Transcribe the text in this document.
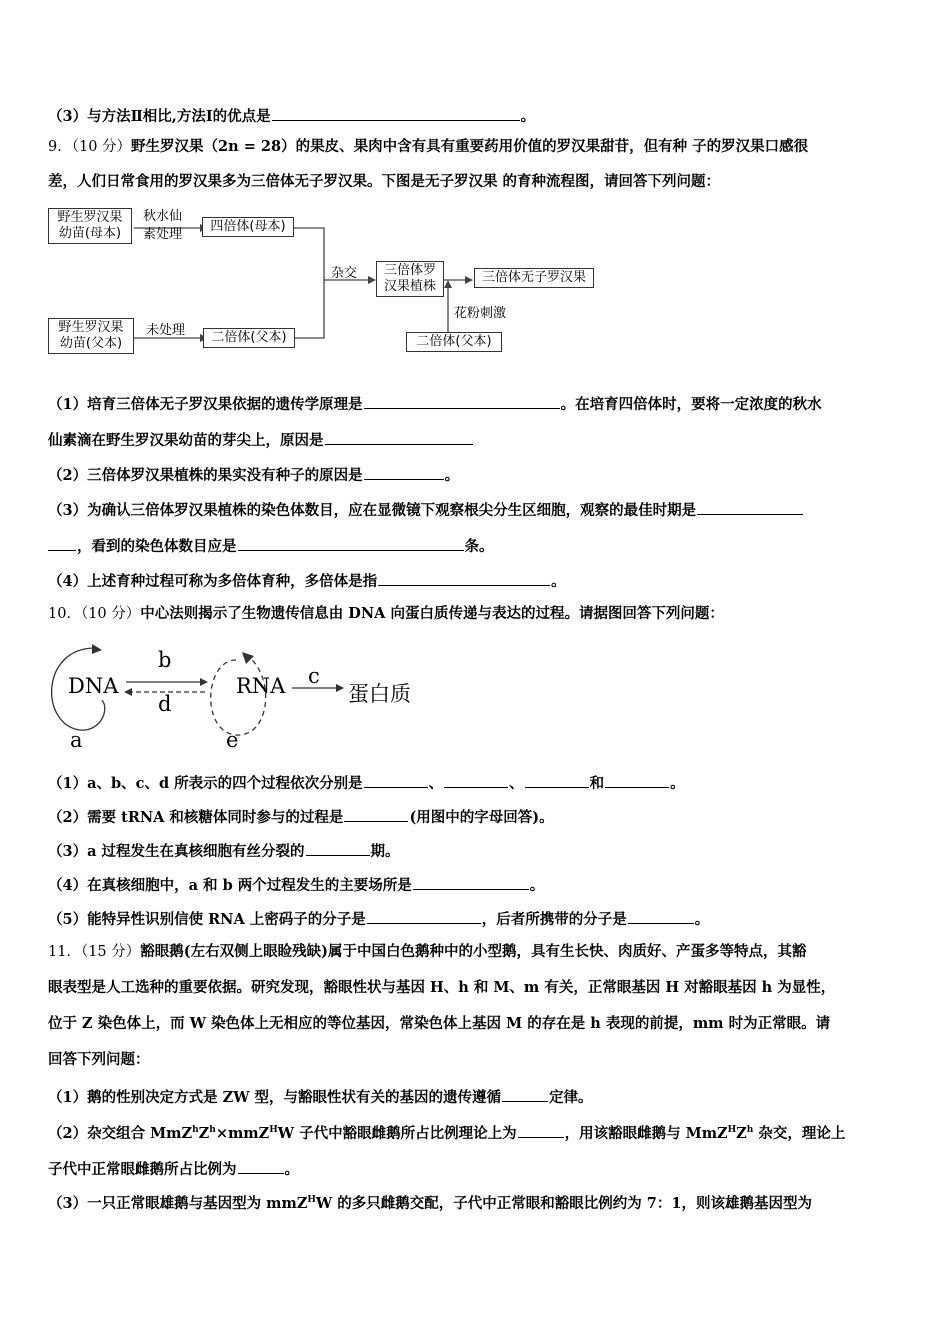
（3）与方法Ⅱ相比,方法Ⅰ的优点是	。
9．（10 分）野生罗汉果（2n = 28）的果皮、果肉中含有具有重要药用价值的罗汉果甜苷，但有种 子的罗汉果口感很
差，人们日常食用的罗汉果多为三倍体无子罗汉果。下图是无子罗汉果 的育种流程图，请回答下列问题：
野生罗汉果
幼苗(母本)
秋水仙
素处理
四倍体(母本)
杂交	三倍体罗
汉果植株
三倍体无子罗汉果
花粉刺激
野生罗汉果
幼苗(父本)
未处理	二倍体(父本)	二倍体(父本)
（1）培育三倍体无子罗汉果依据的遗传学原理是	。在培育四倍体时，要将一定浓度的秋水
仙素滴在野生罗汉果幼苗的芽尖上，原因是
（2）三倍体罗汉果植株的果实没有种子的原因是	。
（3）为确认三倍体罗汉果植株的染色体数目，应在显微镜下观察根尖分生区细胞，观察的最佳时期是
，看到的染色体数目应是	条。
（4）上述育种过程可称为多倍体育种，多倍体是指	。
10．（10 分）中心法则揭示了生物遗传信息由 DNA 向蛋白质传递与表达的过程。请据图回答下列问题：
DNA
b
d
RNA c
蛋白质
a	e
（1）a、b、c、d 所表示的四个过程依次分别是	、	、	和	。
（2）需要 tRNA 和核糖体同时参与的过程是	(用图中的字母回答)。
（3）a 过程发生在真核细胞有丝分裂的	期。
（4）在真核细胞中，a 和 b 两个过程发生的主要场所是	。
（5）能特异性识别信使 RNA 上密码子的分子是	，后者所携带的分子是	。
11．（15 分）豁眼鹅(左右双侧上眼睑残缺)属于中国白色鹅种中的小型鹅，具有生长快、肉质好、产蛋多等特点，其豁
眼表型是人工选种的重要依据。研究发现，豁眼性状与基因 H、h 和 M、m 有关，正常眼基因 H 对豁眼基因 h 为显性，
位于 Z 染色体上，而 W 染色体上无相应的等位基因，常染色体上基因 M 的存在是 h 表现的前提，mm 时为正常眼。请
回答下列问题：
（1）鹅的性别决定方式是 ZW 型，与豁眼性状有关的基因的遗传遵循	定律。
（2）杂交组合 $MmZ^hZ^h\times mmZ^HW$ 子代中豁眼雌鹅所占比例理论上为	，用该豁眼雌鹅与 $MmZ^HZ^h$ 杂交，理论上
子代中正常眼雌鹅所占比例为	。
（3）一只正常眼雄鹅与基因型为 mmZ$^H$W 的多只雌鹅交配，子代中正常眼和豁眼比例约为 7：1，则该雄鹅基因型为
